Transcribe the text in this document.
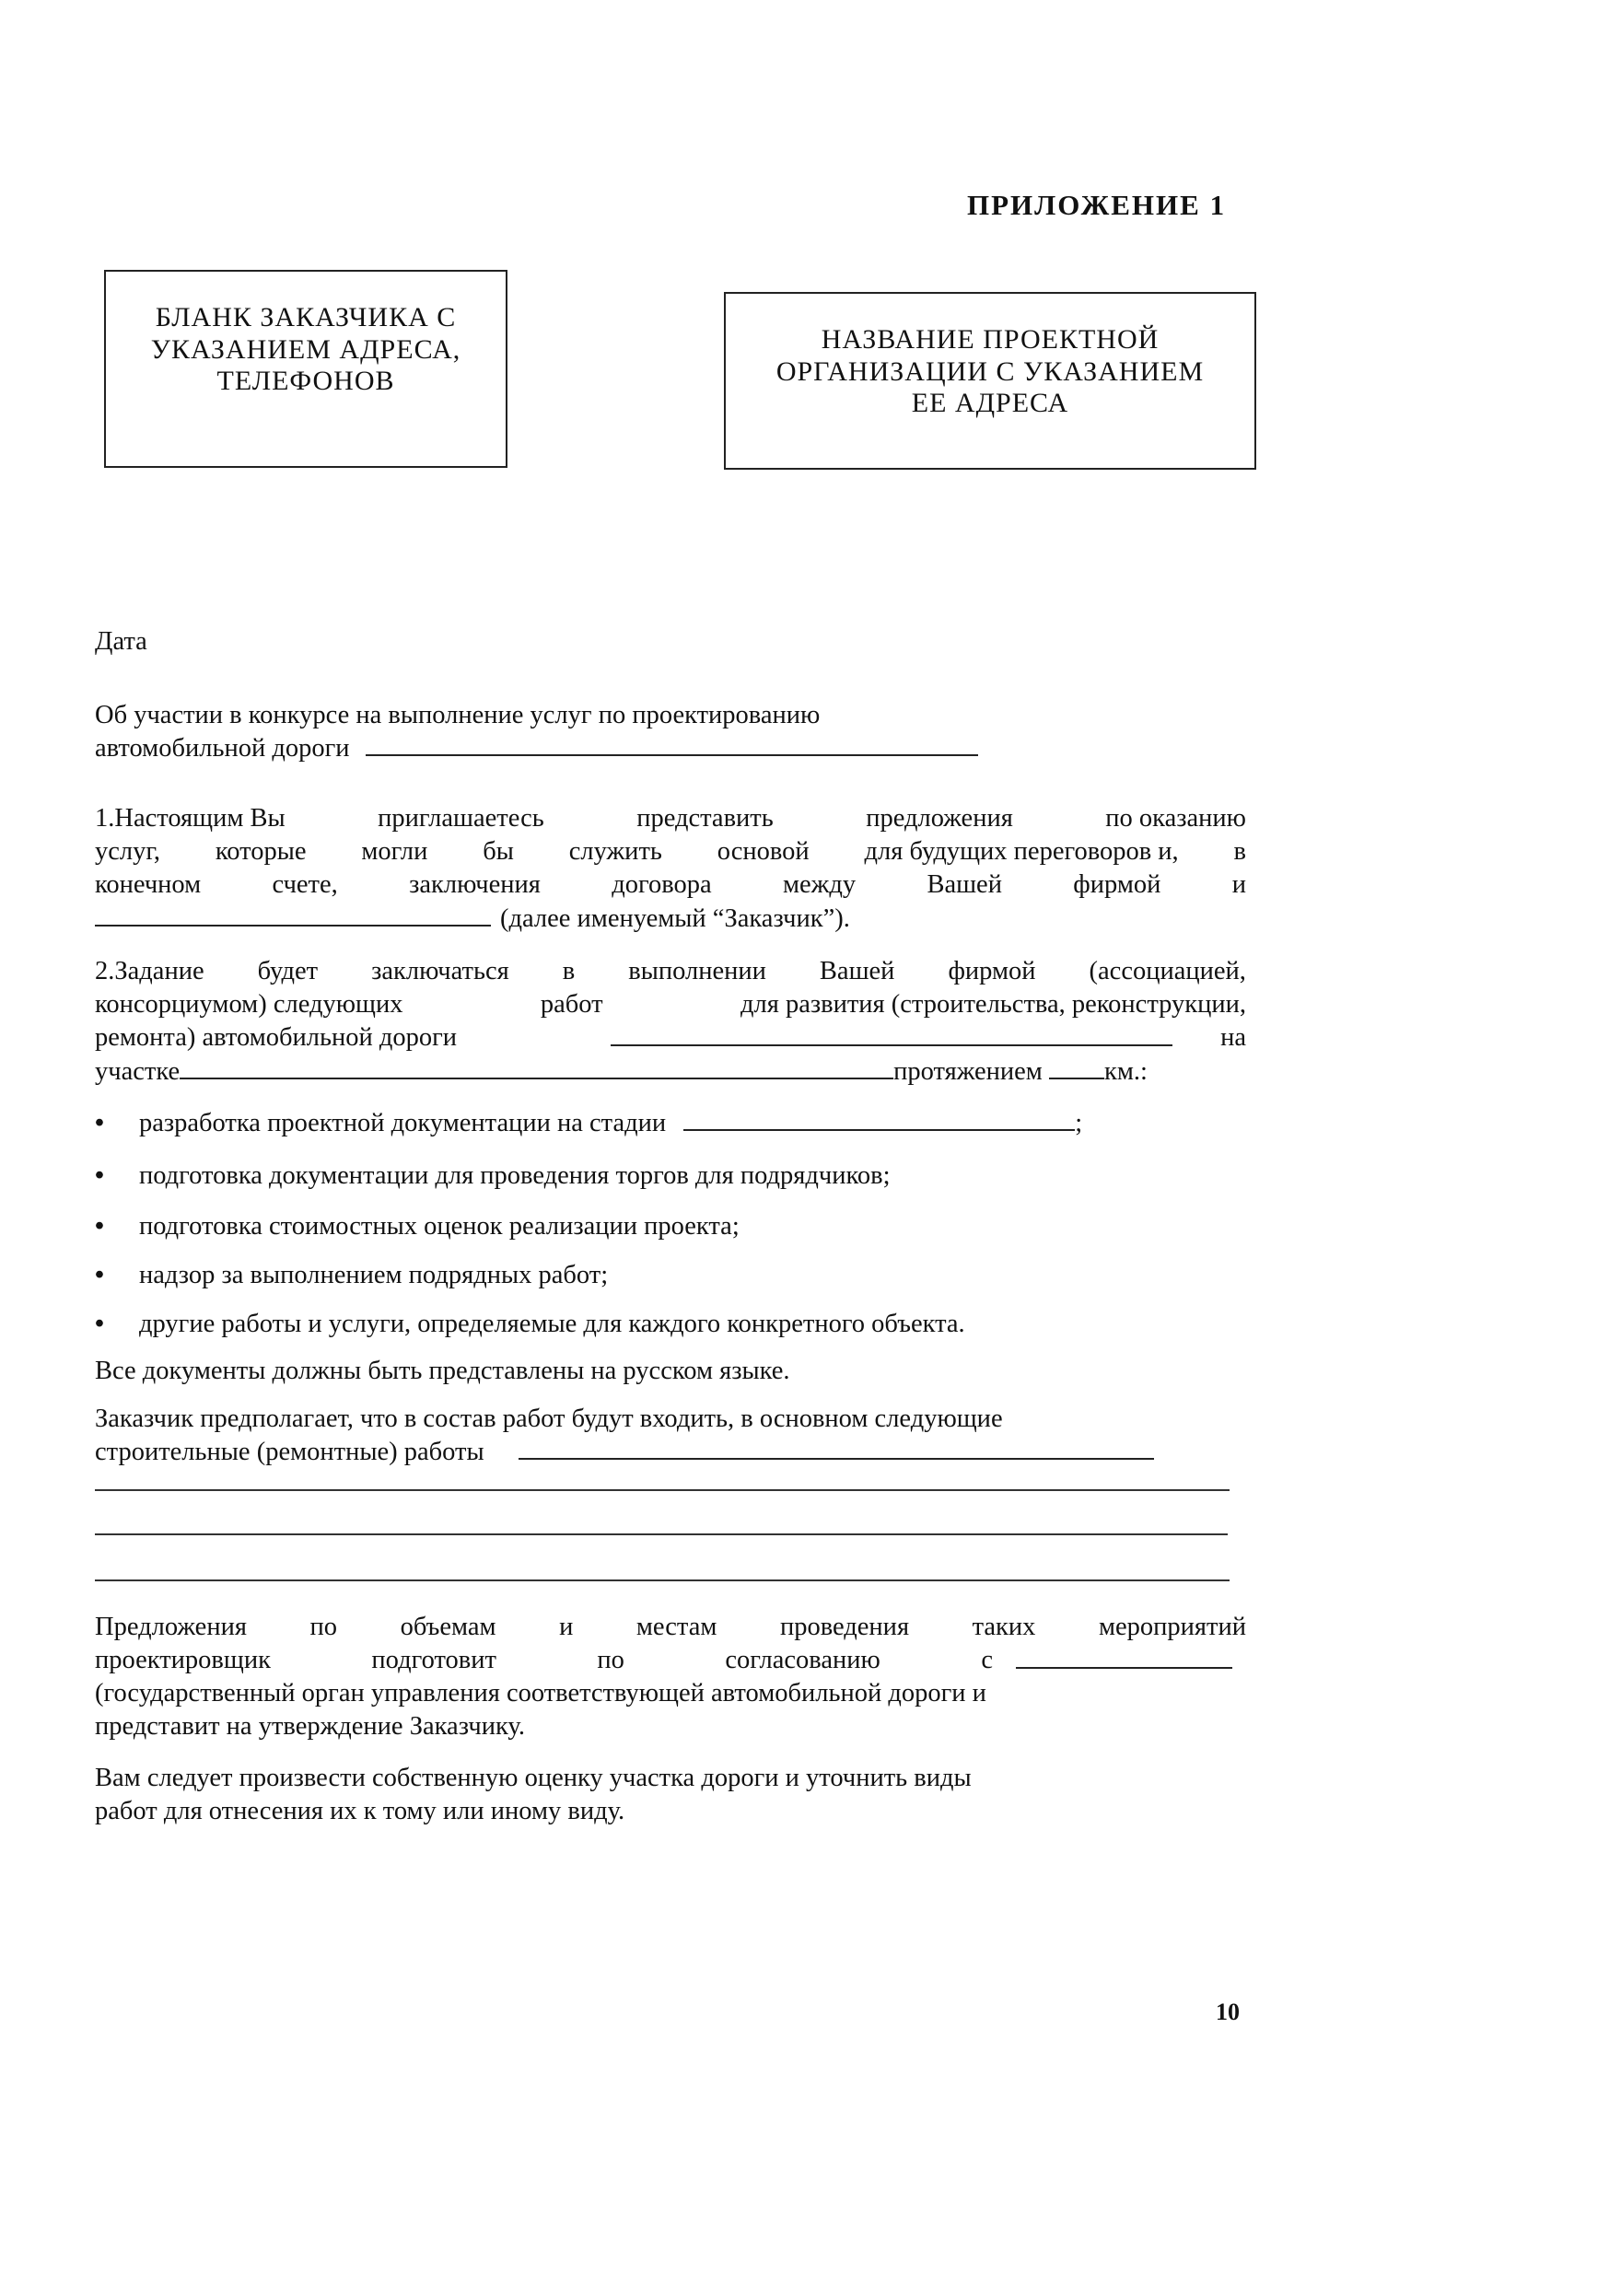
ПРИЛОЖЕНИЕ 1
БЛАНК ЗАКАЗЧИКА С
УКАЗАНИЕМ АДРЕСА,
ТЕЛЕФОНОВ
НАЗВАНИЕ ПРОЕКТНОЙ
ОРГАНИЗАЦИИ С УКАЗАНИЕМ
ЕЕ АДРЕСА
Дата
Об участии в конкурсе на выполнение услуг по проектированию
автомобильной дороги
1.Настоящим Вы	приглашаетесь	представить	предложения	по оказанию
услуг, которые могли бы служить основой для будущих переговоров и, в
конечном	счете,	заключения	договора	между	Вашей	фирмой	и
(далее именуемый “Заказчик”).
2.Задание будет заключаться в выполнении Вашей фирмой (ассоциацией,
консорциумом) следующих	работ	для развития (строительства, реконструкции,
ремонта) автомобильной дороги	на
участке	протяжением км.:
• разработка проектной документации на стадии	;
• подготовка документации для проведения торгов для подрядчиков;
• подготовка стоимостных оценок реализации проекта;
• надзор за выполнением подрядных работ;
• другие работы и услуги, определяемые для каждого конкретного объекта.
Все документы должны быть представлены на русском языке.
Заказчик предполагает, что в состав работ будут входить, в основном следующие
строительные (ремонтные) работы
Предложения по объемам и местам проведения таких мероприятий
проектировщик	подготовит	по	согласованию	с
(государственный орган управления соответствующей автомобильной дороги и
представит на утверждение Заказчику.
Вам следует произвести собственную оценку участка дороги и уточнить виды
работ для отнесения их к тому или иному виду.
10
